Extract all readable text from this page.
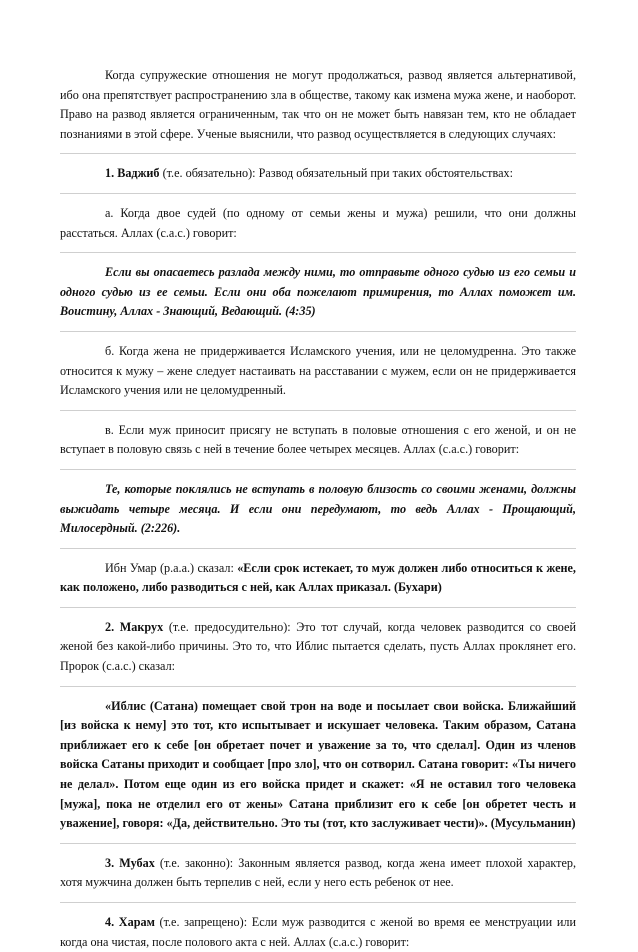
Когда супружеские отношения не могут продолжаться, развод является альтернативой, ибо она препятствует распространению зла в обществе, такому как измена мужа жене, и наоборот. Право на развод является ограниченным, так что он не может быть навязан тем, кто не обладает познаниями в этой сфере. Ученые выяснили, что развод осуществляется в следующих случаях:

1. Ваджиб (т.е. обязательно): Развод обязательный при таких обстоятельствах:

а. Когда двое судей (по одному от семьи жены и мужа) решили, что они должны расстаться. Аллах (с.а.с.) говорит:

Если вы опасаетесь разлада между ними, то отправьте одного судью из его семьи и одного судью из ее семьи. Если они оба пожелают примирения, то Аллах поможет им. Воистину, Аллах - Знающий, Ведающий. (4:35)

б. Когда жена не придерживается Исламского учения, или не целомудренна. Это также относится к мужу – жене следует настаивать на расставании с мужем, если он не придерживается Исламского учения или не целомудренный.

в. Если муж приносит присягу не вступать в половые отношения с его женой, и он не вступает в половую связь с ней в течение более четырех месяцев. Аллах (с.а.с.) говорит:

Те, которые поклялись не вступать в половую близость со своими женами, должны выжидать четыре месяца. И если они передумают, то ведь Аллах - Прощающий, Милосердный. (2:226).

Ибн Умар (р.а.а.) сказал: «Если срок истекает, то муж должен либо относиться к жене, как положено, либо разводиться с ней, как Аллах приказал. (Бухари)

2. Макрух (т.е. предосудительно): Это тот случай, когда человек разводится со своей женой без какой-либо причины. Это то, что Иблис пытается сделать, пусть Аллах проклянет его. Пророк (с.а.с.) сказал:

«Иблис (Сатана) помещает свой трон на воде и посылает свои войска. Ближайший [из войска к нему] это тот, кто испытывает и искушает человека. Таким образом, Сатана приближает его к себе [он обретает почет и уважение за то, что сделал]. Один из членов войска Сатаны приходит и сообщает [про зло], что он сотворил. Сатана говорит: «Ты ничего не делал». Потом еще один из его войска придет и скажет: «Я не оставил того человека [мужа], пока не отделил его от жены» Сатана приблизит его к себе [он обретет честь и уважение], говоря: «Да, действительно. Это ты (тот, кто заслуживает чести)». (Мусульманин)

3. Мубах (т.е. законно): Законным является развод, когда жена имеет плохой характер, хотя мужчина должен быть терпелив с ней, если у него есть ребенок от нее.

4. Харам (т.е. запрещено): Если муж разводится с женой во время ее менструации или когда она чистая, после полового акта с ней. Аллах (с.а.с.) говорит:
